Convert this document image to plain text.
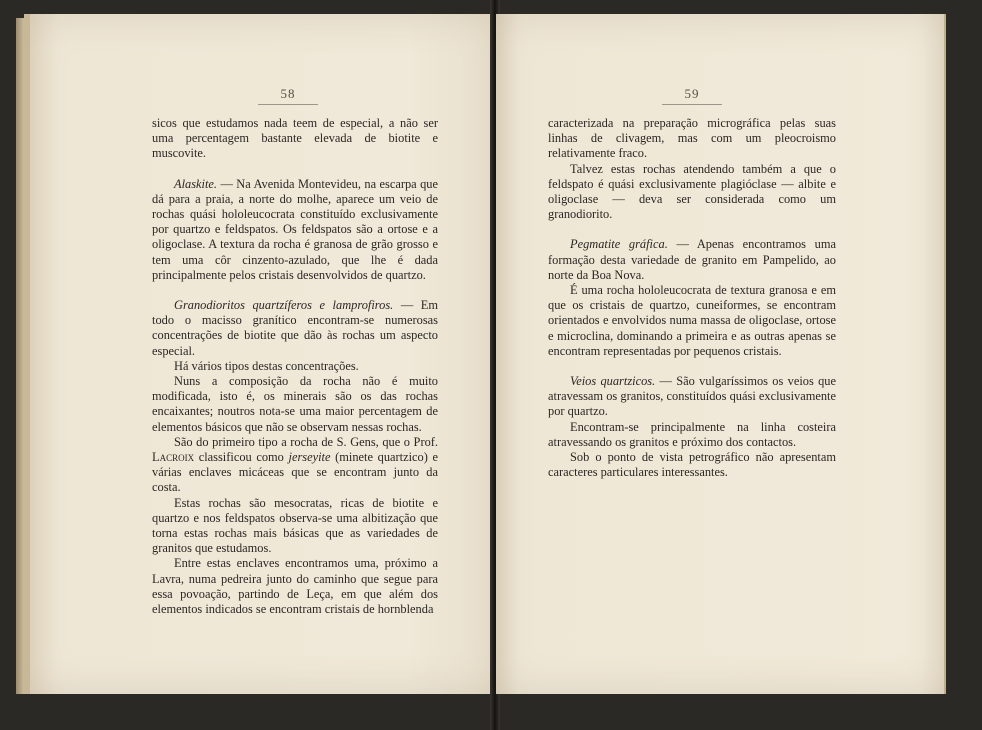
58

sicos que estudamos nada teem de especial, a não ser uma percentagem bastante elevada de biotite e muscovite.

Alaskite. — Na Avenida Montevideu, na escarpa que dá para a praia, a norte do molhe, aparece um veio de rochas quási hololeucocrata constituído exclusivamente por quartzo e feldspatos. Os feldspatos são a ortose e a oligoclase. A textura da rocha é granosa de grão grosso e tem uma côr cinzento-azulado, que lhe é dada principalmente pelos cristais desenvolvidos de quartzo.

Granodioritos quartzíferos e lamprofiros. — Em todo o macisso granítico encontram-se numerosas concentrações de biotite que dão às rochas um aspecto especial.

Há vários tipos destas concentrações.

Nuns a composição da rocha não é muito modificada, isto é, os minerais são os das rochas encaixantes; noutros nota-se uma maior percentagem de elementos básicos que não se observam nessas rochas.

São do primeiro tipo a rocha de S. Gens, que o Prof. Lacroix classificou como jerseyite (minete quartzico) e várias enclaves micáceas que se encontram junto da costa.

Estas rochas são mesocratas, ricas de biotite e quartzo e nos feldspatos observa-se uma albitização que torna estas rochas mais básicas que as variedades de granitos que estudamos.

Entre estas enclaves encontramos uma, próximo a Lavra, numa pedreira junto do caminho que segue para essa povoação, partindo de Leça, em que além dos elementos indicados se encontram cristais de hornblenda

59

caracterizada na preparação micrográfica pelas suas linhas de clivagem, mas com um pleocroismo relativamente fraco.

Talvez estas rochas atendendo também a que o feldspato é quási exclusivamente plagióclase — albite e oligoclase — deva ser considerada como um granodiorito.

Pegmatite gráfica. — Apenas encontramos uma formação desta variedade de granito em Pampelido, ao norte da Boa Nova.

É uma rocha hololeucocrata de textura granosa e em que os cristais de quartzo, cuneiformes, se encontram orientados e envolvidos numa massa de oligoclase, ortose e microclina, dominando a primeira e as outras apenas se encontram representadas por pequenos cristais.

Veios quartzicos. — São vulgaríssimos os veios que atravessam os granitos, constituídos quási exclusivamente por quartzo.

Encontram-se principalmente na linha costeira atravessando os granitos e próximo dos contactos.

Sob o ponto de vista petrográfico não apresentam caracteres particulares interessantes.
